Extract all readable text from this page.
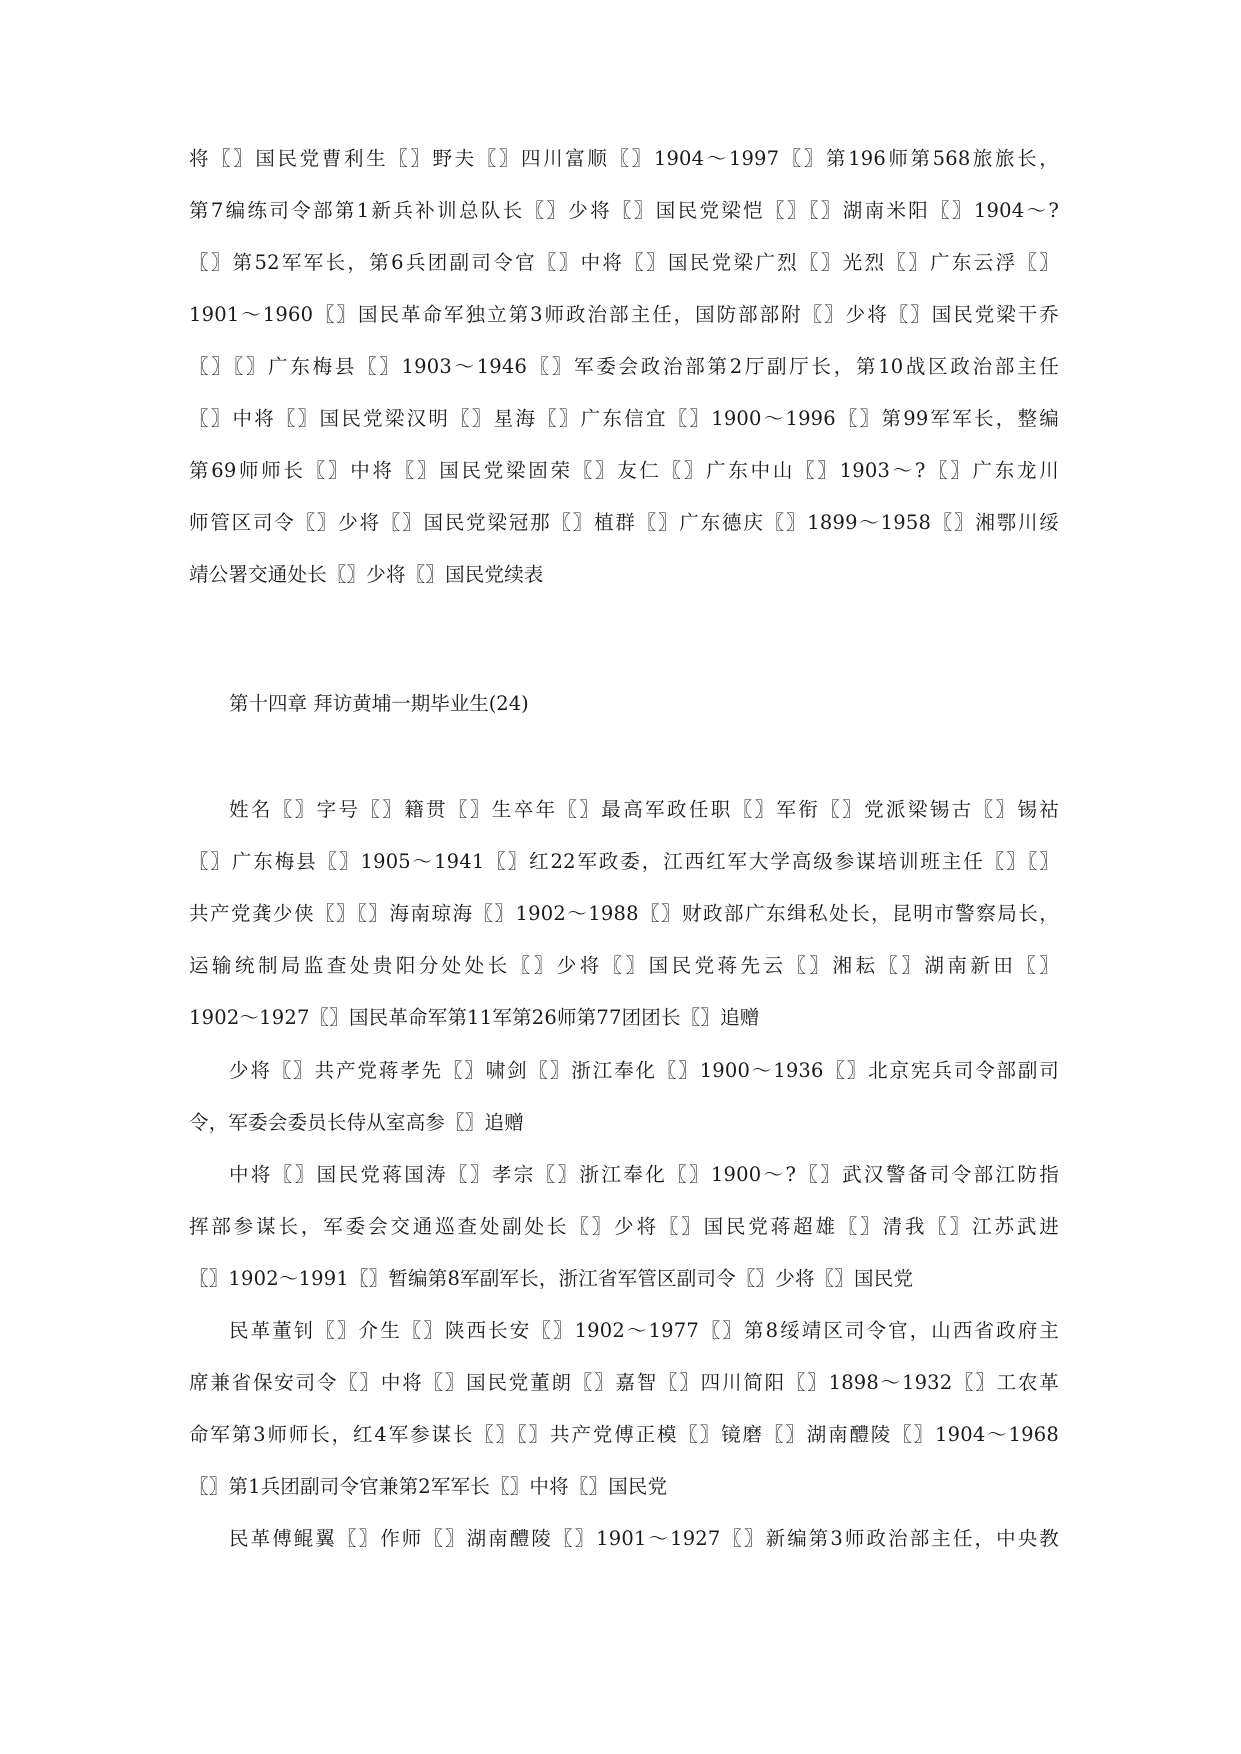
将〖〗国民党曹利生〖〗野夫〖〗四川富顺〖〗1904～1997〖〗第196师第568旅旅长，
第7编练司令部第1新兵补训总队长〖〗少将〖〗国民党梁恺〖〗〖〗湖南米阳〖〗1904～?
〖〗第52军军长，第6兵团副司令官〖〗中将〖〗国民党梁广烈〖〗光烈〖〗广东云浮〖〗
1901～1960〖〗国民革命军独立第3师政治部主任，国防部部附〖〗少将〖〗国民党梁干乔
〖〗〖〗广东梅县〖〗1903～1946〖〗军委会政治部第2厅副厅长，第10战区政治部主任
〖〗中将〖〗国民党梁汉明〖〗星海〖〗广东信宜〖〗1900～1996〖〗第99军军长，整编
第69师师长〖〗中将〖〗国民党梁固荣〖〗友仁〖〗广东中山〖〗1903～?〖〗广东龙川
师管区司令〖〗少将〖〗国民党梁冠那〖〗植群〖〗广东德庆〖〗1899～1958〖〗湘鄂川绥
靖公署交通处长〖〗少将〖〗国民党续表
第十四章 拜访黄埔一期毕业生(24)
姓名〖〗字号〖〗籍贯〖〗生卒年〖〗最高军政任职〖〗军衔〖〗党派梁锡古〖〗锡祜
〖〗广东梅县〖〗1905～1941〖〗红22军政委，江西红军大学高级参谋培训班主任〖〗〖〗
共产党龚少侠〖〗〖〗海南琼海〖〗1902～1988〖〗财政部广东缉私处长，昆明市警察局长，
运输统制局监查处贵阳分处处长〖〗少将〖〗国民党蒋先云〖〗湘耘〖〗湖南新田〖〗
1902～1927〖〗国民革命军第11军第26师第77团团长〖〗追赠
少将〖〗共产党蒋孝先〖〗啸剑〖〗浙江奉化〖〗1900～1936〖〗北京宪兵司令部副司
令，军委会委员长侍从室高参〖〗追赠
中将〖〗国民党蒋国涛〖〗孝宗〖〗浙江奉化〖〗1900～?〖〗武汉警备司令部江防指
挥部参谋长，军委会交通巡查处副处长〖〗少将〖〗国民党蒋超雄〖〗清我〖〗江苏武进
〖〗1902～1991〖〗暂编第8军副军长，浙江省军管区副司令〖〗少将〖〗国民党
民革董钊〖〗介生〖〗陕西长安〖〗1902～1977〖〗第8绥靖区司令官，山西省政府主
席兼省保安司令〖〗中将〖〗国民党董朗〖〗嘉智〖〗四川简阳〖〗1898～1932〖〗工农革
命军第3师师长，红4军参谋长〖〗〖〗共产党傅正模〖〗镜磨〖〗湖南醴陵〖〗1904～1968
〖〗第1兵团副司令官兼第2军军长〖〗中将〖〗国民党
民革傅鲲翼〖〗作师〖〗湖南醴陵〖〗1901～1927〖〗新编第3师政治部主任，中央教
